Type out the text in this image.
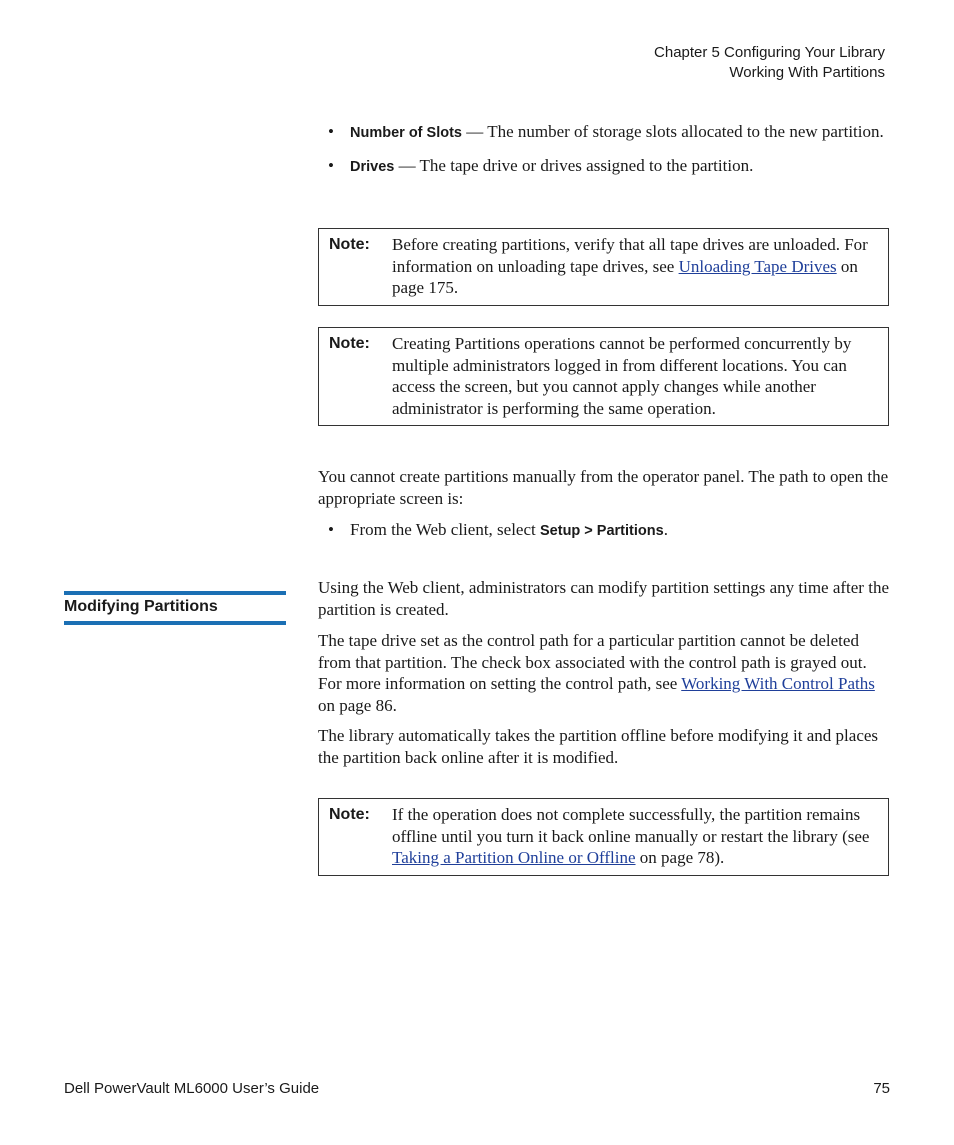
Chapter 5 Configuring Your Library
Working With Partitions
• Number of Slots — The number of storage slots allocated to the new partition.
• Drives — The tape drive or drives assigned to the partition.
Note:	Before creating partitions, verify that all tape drives are unloaded. For information on unloading tape drives, see Unloading Tape Drives on page 175.
Note:	Creating Partitions operations cannot be performed concurrently by multiple administrators logged in from different locations. You can access the screen, but you cannot apply changes while another administrator is performing the same operation.

You cannot create partitions manually from the operator panel. The path to open the appropriate screen is:

• From the Web client, select Setup > Partitions.
Modifying Partitions

Using the Web client, administrators can modify partition settings any time after the partition is created.

The tape drive set as the control path for a particular partition cannot be deleted from that partition. The check box associated with the control path is grayed out. For more information on setting the control path, see Working With Control Paths on page 86.

The library automatically takes the partition offline before modifying it and places the partition back online after it is modified.

Note:	If the operation does not complete successfully, the partition remains offline until you turn it back online manually or restart the library (see Taking a Partition Online or Offline on page 78).
Dell PowerVault ML6000 User’s Guide	75
